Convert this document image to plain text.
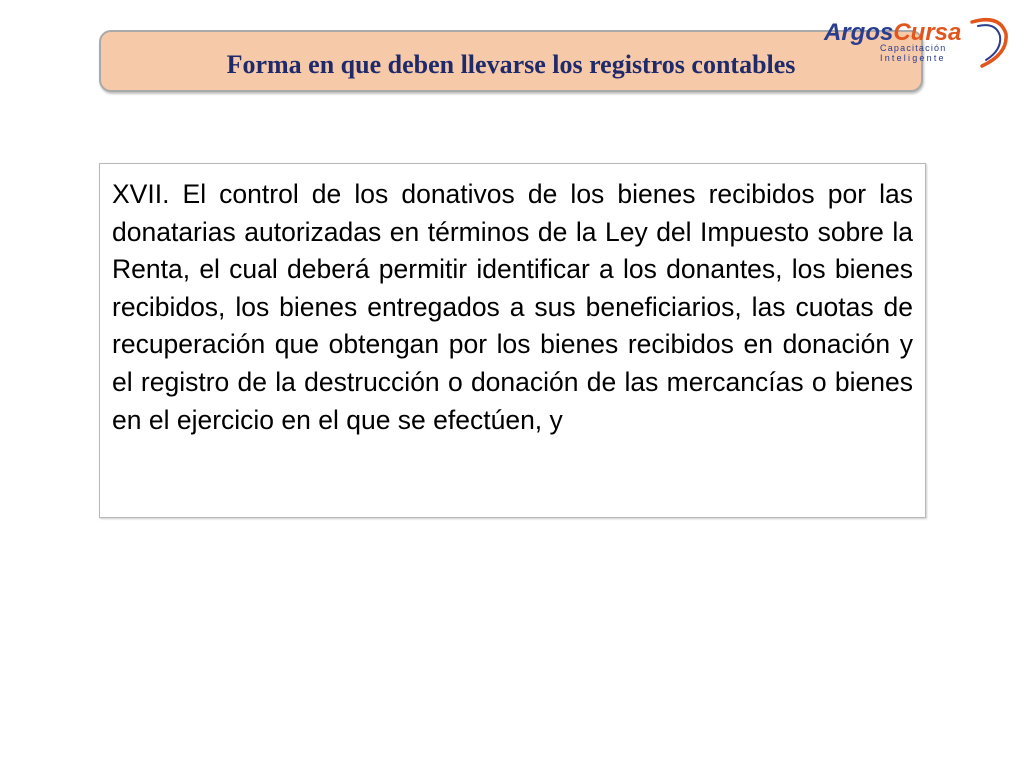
Forma en que deben llevarse los registros contables
ArgosCursa
Capacitación
Inteligente

XVII. El control de los donativos de los bienes recibidos por las donatarias autorizadas en términos de la Ley del Impuesto sobre la Renta, el cual deberá permitir identificar a los donantes, los bienes recibidos, los bienes entregados a sus beneficiarios, las cuotas de recuperación que obtengan por los bienes recibidos en donación y el registro de la destrucción o donación de las mercancías o bienes en el ejercicio en el que se efectúen, y
